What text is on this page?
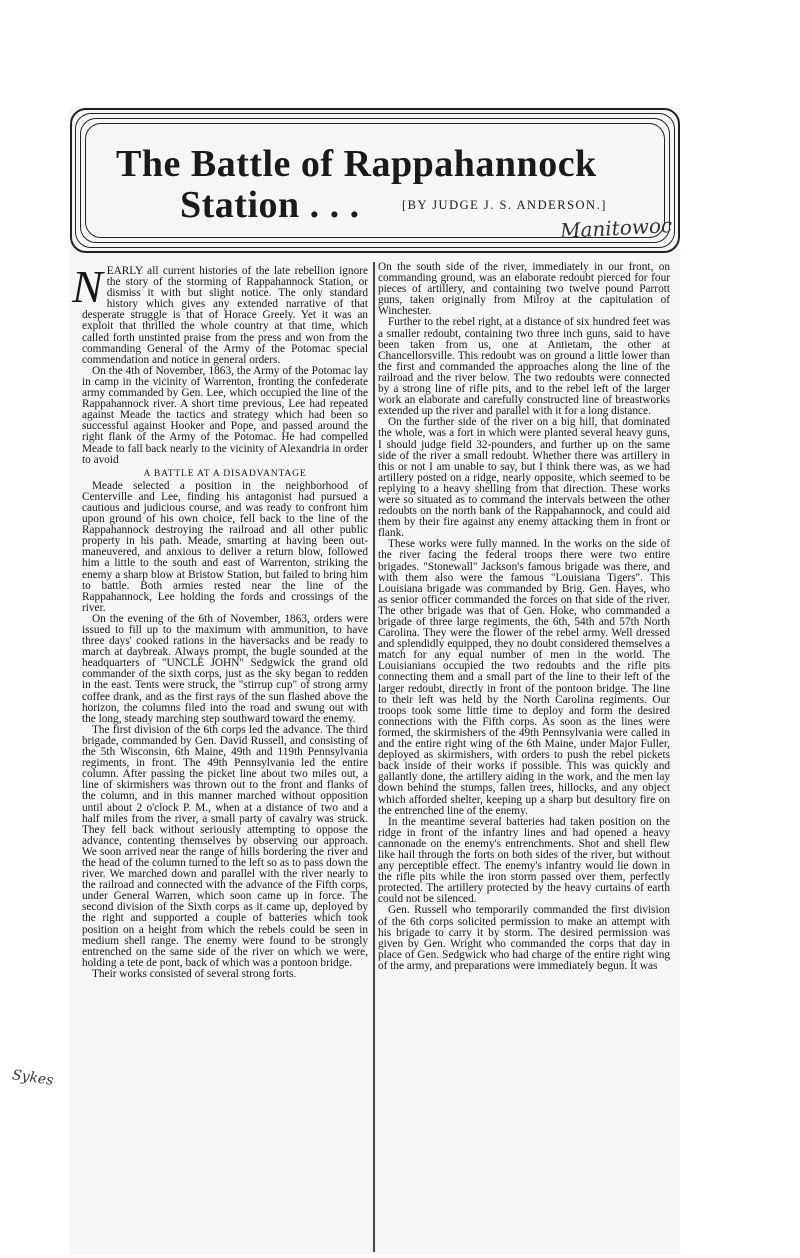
The Battle of Rappahannock
Station . . .	[BY JUDGE J. S. ANDERSON.]
Manitowoc

NEARLY all current histories of the late rebellion ignore the story of the storming of Rappahannock Station, or dismiss it with but slight notice. The only standard history which gives any extended narrative of that desperate struggle is that of Horace Greely. Yet it was an exploit that thrilled the whole country at that time, which called forth unstinted praise from the press and won from the commanding General of the Army of the Potomac special commendation and notice in general orders.

On the 4th of November, 1863, the Army of the Potomac lay in camp in the vicinity of Warrenton, fronting the confederate army commanded by Gen. Lee, which occupied the line of the Rappahannock river. A short time previous, Lee had repeated against Meade the tactics and strategy which had been so successful against Hooker and Pope, and passed around the right flank of the Army of the Potomac. He had compelled Meade to fall back nearly to the vicinity of Alexandria in order to avoid

A BATTLE AT A DISADVANTAGE

Meade selected a position in the neighborhood of Centerville and Lee, finding his antagonist had pursued a cautious and judicious course, and was ready to confront him upon ground of his own choice, fell back to the line of the Rappahannock destroying the railroad and all other public property in his path. Meade, smarting at having been out-maneuvered, and anxious to deliver a return blow, followed him a little to the south and east of Warrenton, striking the enemy a sharp blow at Bristow Station, but failed to bring him to battle. Both armies rested near the line of the Rappahannock, Lee holding the fords and crossings of the river.

On the evening of the 6th of November, 1863, orders were issued to fill up to the maximum with ammunition, to have three days' cooked rations in the haversacks and be ready to march at daybreak. Always prompt, the bugle sounded at the headquarters of "UNCLE JOHN" Sedgwick the grand old commander of the sixth corps, just as the sky began to redden in the east. Tents were struck, the "stirrup cup" of strong army coffee drank, and as the first rays of the sun flashed above the horizon, the columns filed into the road and swung out with the long, steady marching step southward toward the enemy.

The first division of the 6th corps led the advance. The third brigade, commanded by Gen. David Russell, and consisting of the 5th Wisconsin, 6th Maine, 49th and 119th Pennsylvania regiments, in front. The 49th Pennsylvania led the entire column. After passing the picket line about two miles out, a line of skirmishers was thrown out to the front and flanks of the column, and in this manner marched without opposition until about 2 o'clock P. M., when at a distance of two and a half miles from the river, a small party of cavalry was struck. They fell back without seriously attempting to oppose the advance, contenting themselves by observing our approach. We soon arrived near the range of hills bordering the river and the head of the column turned to the left so as to pass down the river. We marched down and parallel with the river nearly to the railroad and connected with the advance of the Fifth corps, under General Warren, which soon came up in force. The second division of the Sixth corps as it came up, deployed by the right and supported a couple of batteries which took position on a height from which the rebels could be seen in medium shell range. The enemy were found to be strongly entrenched on the same side of the river on which we were, holding a tete de pont, back of which was a pontoon bridge.

Their works consisted of several strong forts.

On the south side of the river, immediately in our front, on commanding ground, was an elaborate redoubt pierced for four pieces of artillery, and containing two twelve pound Parrott guns, taken originally from Milroy at the capitulation of Winchester.

Further to the rebel right, at a distance of six hundred feet was a smaller redoubt, containing two three inch guns, said to have been taken from us, one at Antietam, the other at Chancellorsville. This redoubt was on ground a little lower than the first and commanded the approaches along the line of the railroad and the river below. The two redoubts were connected by a strong line of rifle pits, and to the rebel left of the larger work an elaborate and carefully constructed line of breastworks extended up the river and parallel with it for a long distance.

On the further side of the river on a big hill, that dominated the whole, was a fort in which were planted several heavy guns, I should judge field 32-pounders, and further up on the same side of the river a small redoubt. Whether there was artillery in this or not I am unable to say, but I think there was, as we had artillery posted on a ridge, nearly opposite, which seemed to be replying to a heavy shelling from that direction. These works were so situated as to command the intervals between the other redoubts on the north bank of the Rappahannock, and could aid them by their fire against any enemy attacking them in front or flank.

These works were fully manned. In the works on the side of the river facing the federal troops there were two entire brigades. "Stonewall" Jackson's famous brigade was there, and with them also were the famous "Louisiana Tigers". This Louisiana brigade was commanded by Brig. Gen. Hayes, who as senior officer commanded the forces on that side of the river. The other brigade was that of Gen. Hoke, who commanded a brigade of three large regiments, the 6th, 54th and 57th North Carolina. They were the flower of the rebel army. Well dressed and splendidly equipped, they no doubt considered themselves a match for any equal number of men in the world. The Louisianians occupied the two redoubts and the rifle pits connecting them and a small part of the line to their left of the larger redoubt, directly in front of the pontoon bridge. The line to their left was held by the North Carolina regiments. Our troops took some little time to deploy and form the desired connections with the Fifth corps. As soon as the lines were formed, the skirmishers of the 49th Pennsylvania were called in and the entire right wing of the 6th Maine, under Major Fuller, deployed as skirmishers, with orders to push the rebel pickets back inside of their works if possible. This was quickly and gallantly done, the artillery aiding in the work, and the men lay down behind the stumps, fallen trees, hillocks, and any object which afforded shelter, keeping up a sharp but desultory fire on the entrenched line of the enemy.

In the meantime several batteries had taken position on the ridge in front of the infantry lines and had opened a heavy cannonade on the enemy's entrenchments. Shot and shell flew like hail through the forts on both sides of the river, but without any perceptible effect. The enemy's infantry would lie down in the rifle pits while the iron storm passed over them, perfectly protected. The artillery protected by the heavy curtains of earth could not be silenced.

Gen. Russell who temporarily commanded the first division of the 6th corps solicited permission to make an attempt with his brigade to carry it by storm. The desired permission was given by Gen. Wright who commanded the corps that day in place of Gen. Sedgwick who had charge of the entire right wing of the army, and preparations were immediately begun. It was

Sykes
